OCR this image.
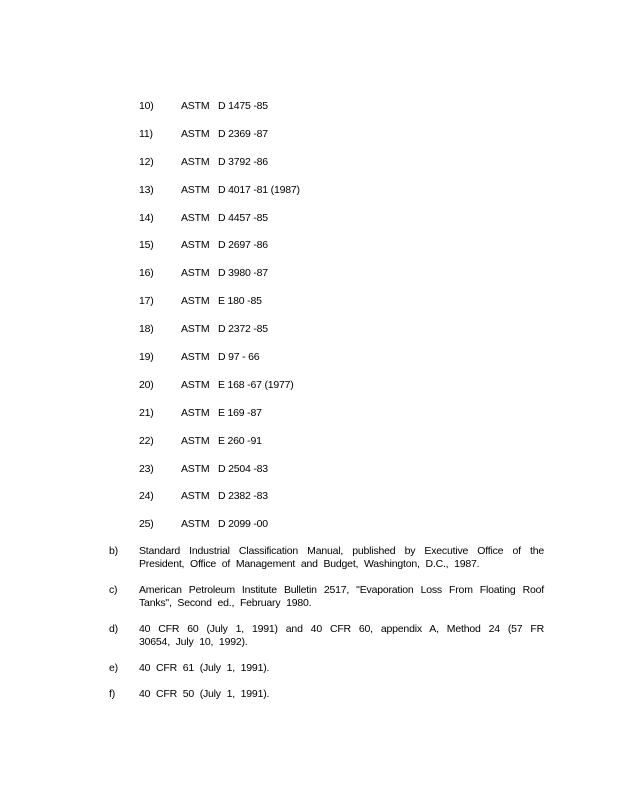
10)	ASTM D 1475 -85
11)	ASTM D 2369 -87
12)	ASTM D 3792 -86
13)	ASTM D 4017 -81 (1987)
14)	ASTM D 4457 -85
15)	ASTM D 2697 -86
16)	ASTM D 3980 -87
17)	ASTM E 180 -85
18)	ASTM D 2372 -85
19)	ASTM D 97 - 66
20)	ASTM E 168 -67 (1977)
21)	ASTM E 169 -87
22)	ASTM E 260 -91
23)	ASTM D 2504 -83
24)	ASTM D 2382 -83
25)	ASTM D 2099 -00
b)	Standard Industrial Classification Manual, published by Executive Office of the President, Office of Management and Budget, Washington, D.C., 1987.
c)	American Petroleum Institute Bulletin 2517, "Evaporation Loss From Floating Roof Tanks", Second ed., February 1980.
d)	40 CFR 60 (July 1, 1991) and 40 CFR 60, appendix A, Method 24 (57 FR 30654, July 10, 1992).
e)	40 CFR 61 (July 1, 1991).
f)	40 CFR 50 (July 1, 1991).
